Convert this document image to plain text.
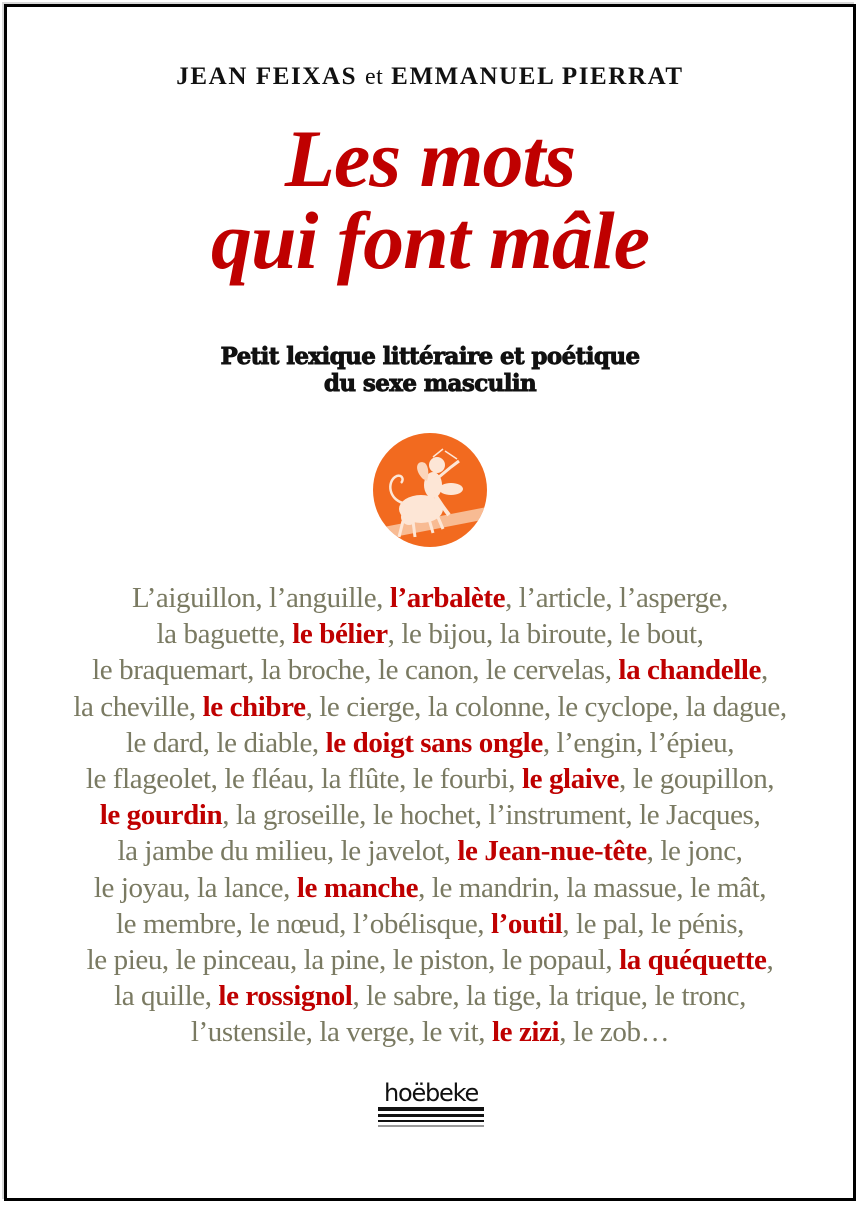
JEAN FEIXAS et EMMANUEL PIERRAT
Les mots
qui font mâle
Petit lexique littéraire et poétique
du sexe masculin
L’aiguillon, l’anguille, l’arbalète, l’article, l’asperge,
la baguette, le bélier, le bijou, la biroute, le bout,
le braquemart, la broche, le canon, le cervelas, la chandelle,
la cheville, le chibre, le cierge, la colonne, le cyclope, la dague,
le dard, le diable, le doigt sans ongle, l’engin, l’épieu,
le flageolet, le fléau, la flûte, le fourbi, le glaive, le goupillon,
le gourdin, la groseille, le hochet, l’instrument, le Jacques,
la jambe du milieu, le javelot, le Jean-nue-tête, le jonc,
le joyau, la lance, le manche, le mandrin, la massue, le mât,
le membre, le nœud, l’obélisque, l’outil, le pal, le pénis,
le pieu, le pinceau, la pine, le piston, le popaul, la quéquette,
la quille, le rossignol, le sabre, la tige, la trique, le tronc,
l’ustensile, la verge, le vit, le zizi, le zob…
hoëbeke
